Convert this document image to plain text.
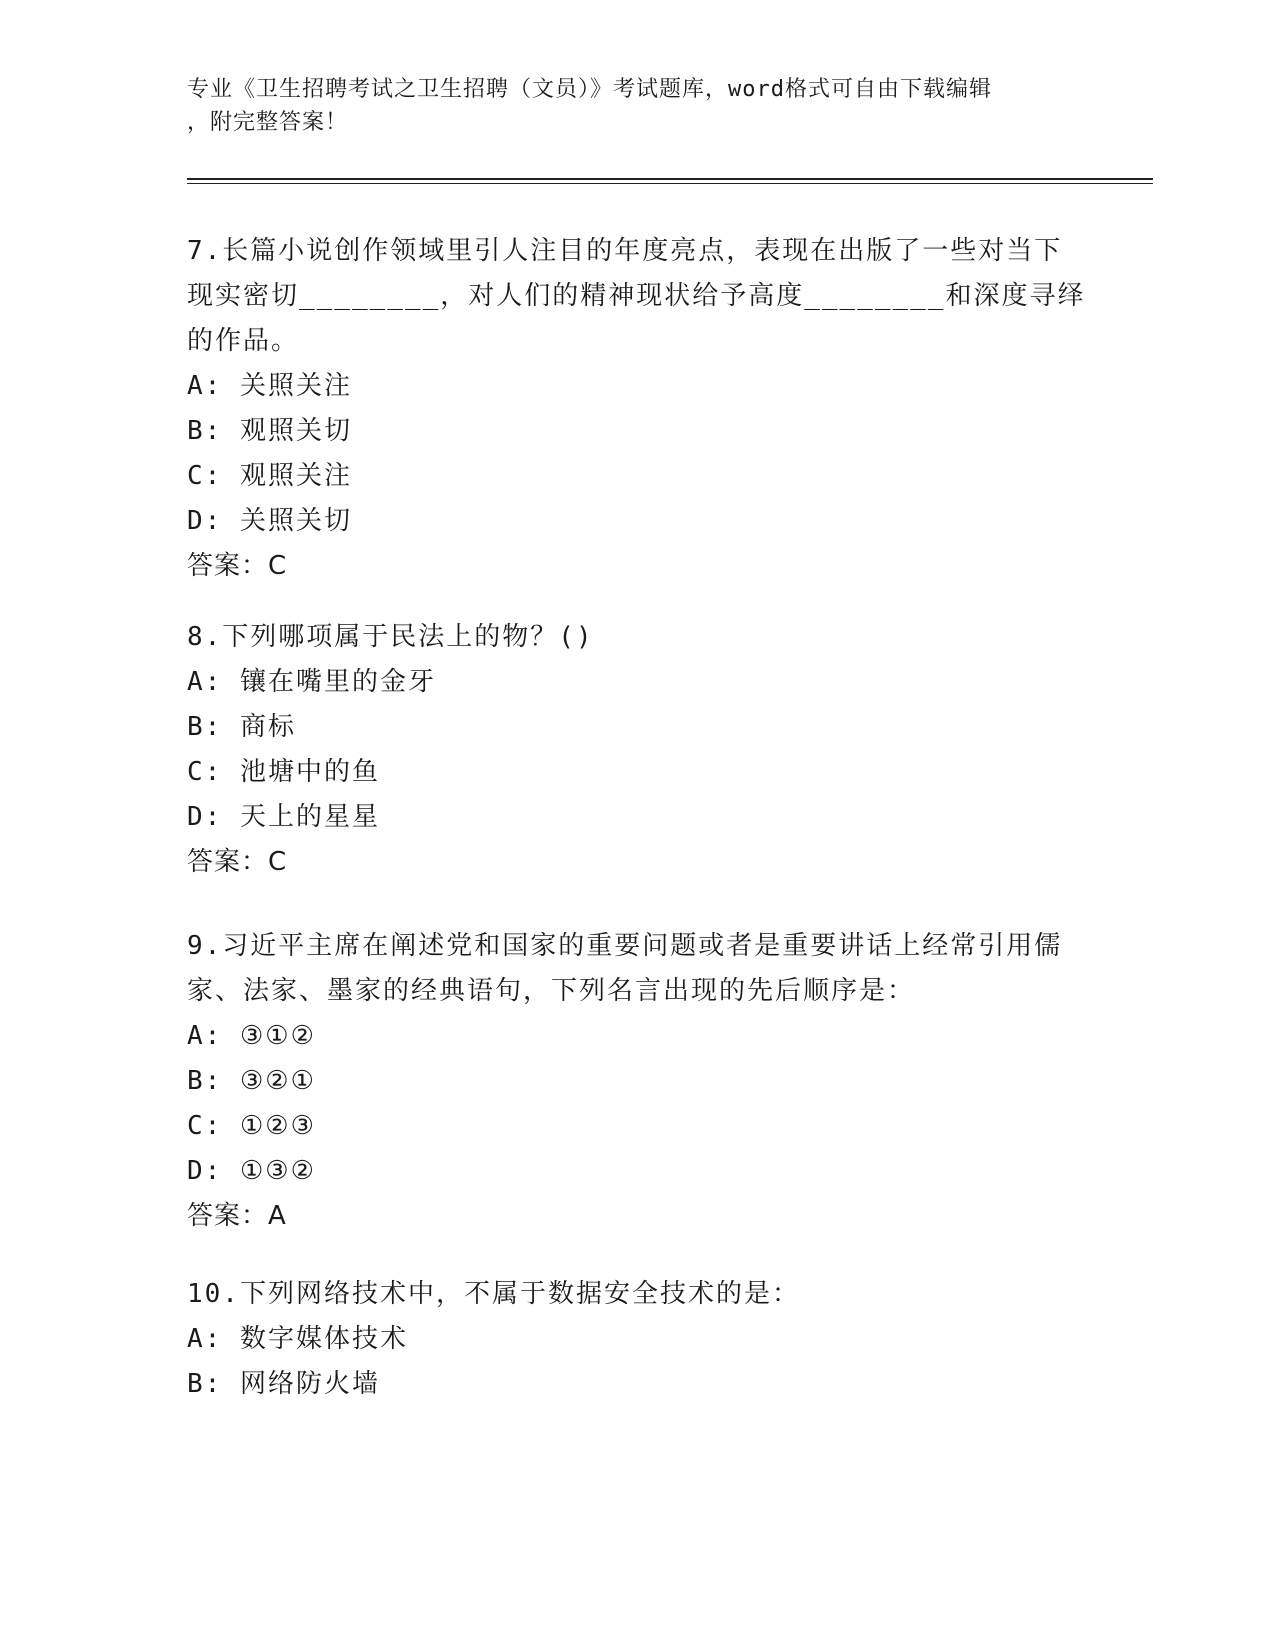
专业《卫生招聘考试之卫生招聘（文员）》考试题库，word格式可自由下载编辑
，附完整答案！

7.长篇小说创作领域里引人注目的年度亮点，表现在出版了一些对当下现实密切________，对人们的精神现状给予高度________和深度寻绎的作品。

A: 关照关注

B: 观照关切

C: 观照关注

D: 关照关切

答案：C

8.下列哪项属于民法上的物？()

A: 镶在嘴里的金牙

B: 商标

C: 池塘中的鱼

D: 天上的星星

答案：C

9.习近平主席在阐述党和国家的重要问题或者是重要讲话上经常引用儒家、法家、墨家的经典语句，下列名言出现的先后顺序是：

A: ③①②

B: ③②①

C: ①②③

D: ①③②

答案：A

10.下列网络技术中，不属于数据安全技术的是：

A: 数字媒体技术

B: 网络防火墙
